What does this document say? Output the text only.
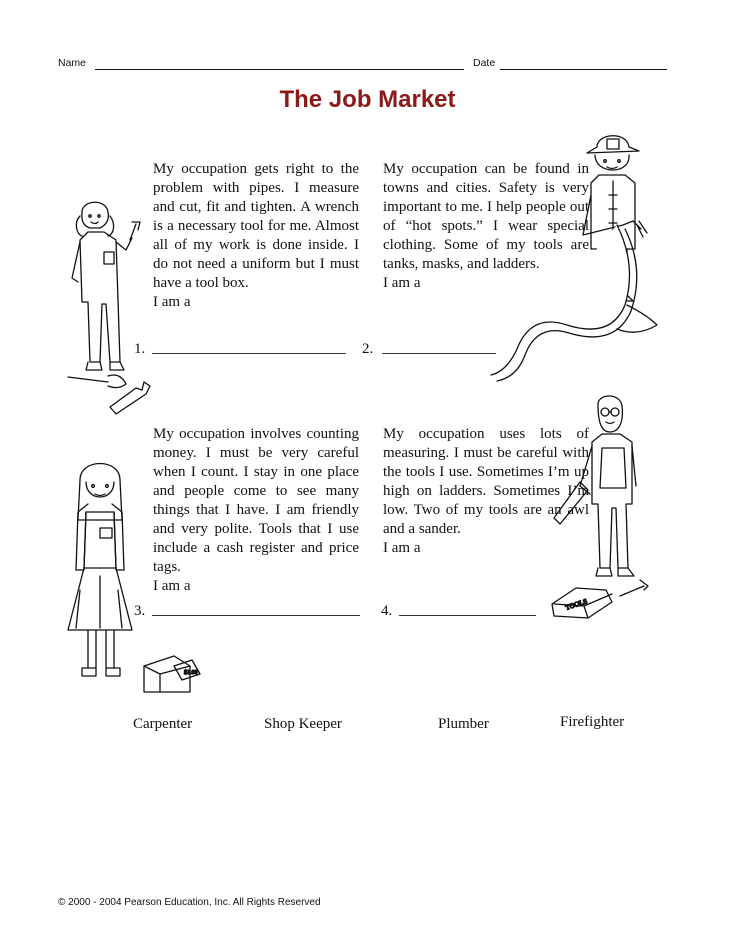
Name	Date
The Job Market
My occupation gets right to the problem with pipes. I measure and cut, fit and tighten. A wrench is a necessary tool for me. Almost all of my work is done inside. I do not need a uniform but I must have a tool box.
I am a
1.
My occupation can be found in towns and cities. Safety is very important to me. I help people out of “hot spots.” I wear special clothing. Some of my tools are tanks, masks, and ladders.
I am a
2.
My occupation involves counting money. I must be very careful when I count. I stay in one place and people come to see many things that I have. I am friendly and very polite. Tools that I use include a cash register and price tags.
I am a
3.
My occupation uses lots of measuring. I must be careful with the tools I use. Sometimes I’m up high on ladders. Sometimes I’m low. Two of my tools are an awl and a sander.
I am a
4.
Carpenter	Shop Keeper	Plumber	Firefighter
$1.00
TOOLS
© 2000 - 2004 Pearson Education, Inc. All Rights Reserved
